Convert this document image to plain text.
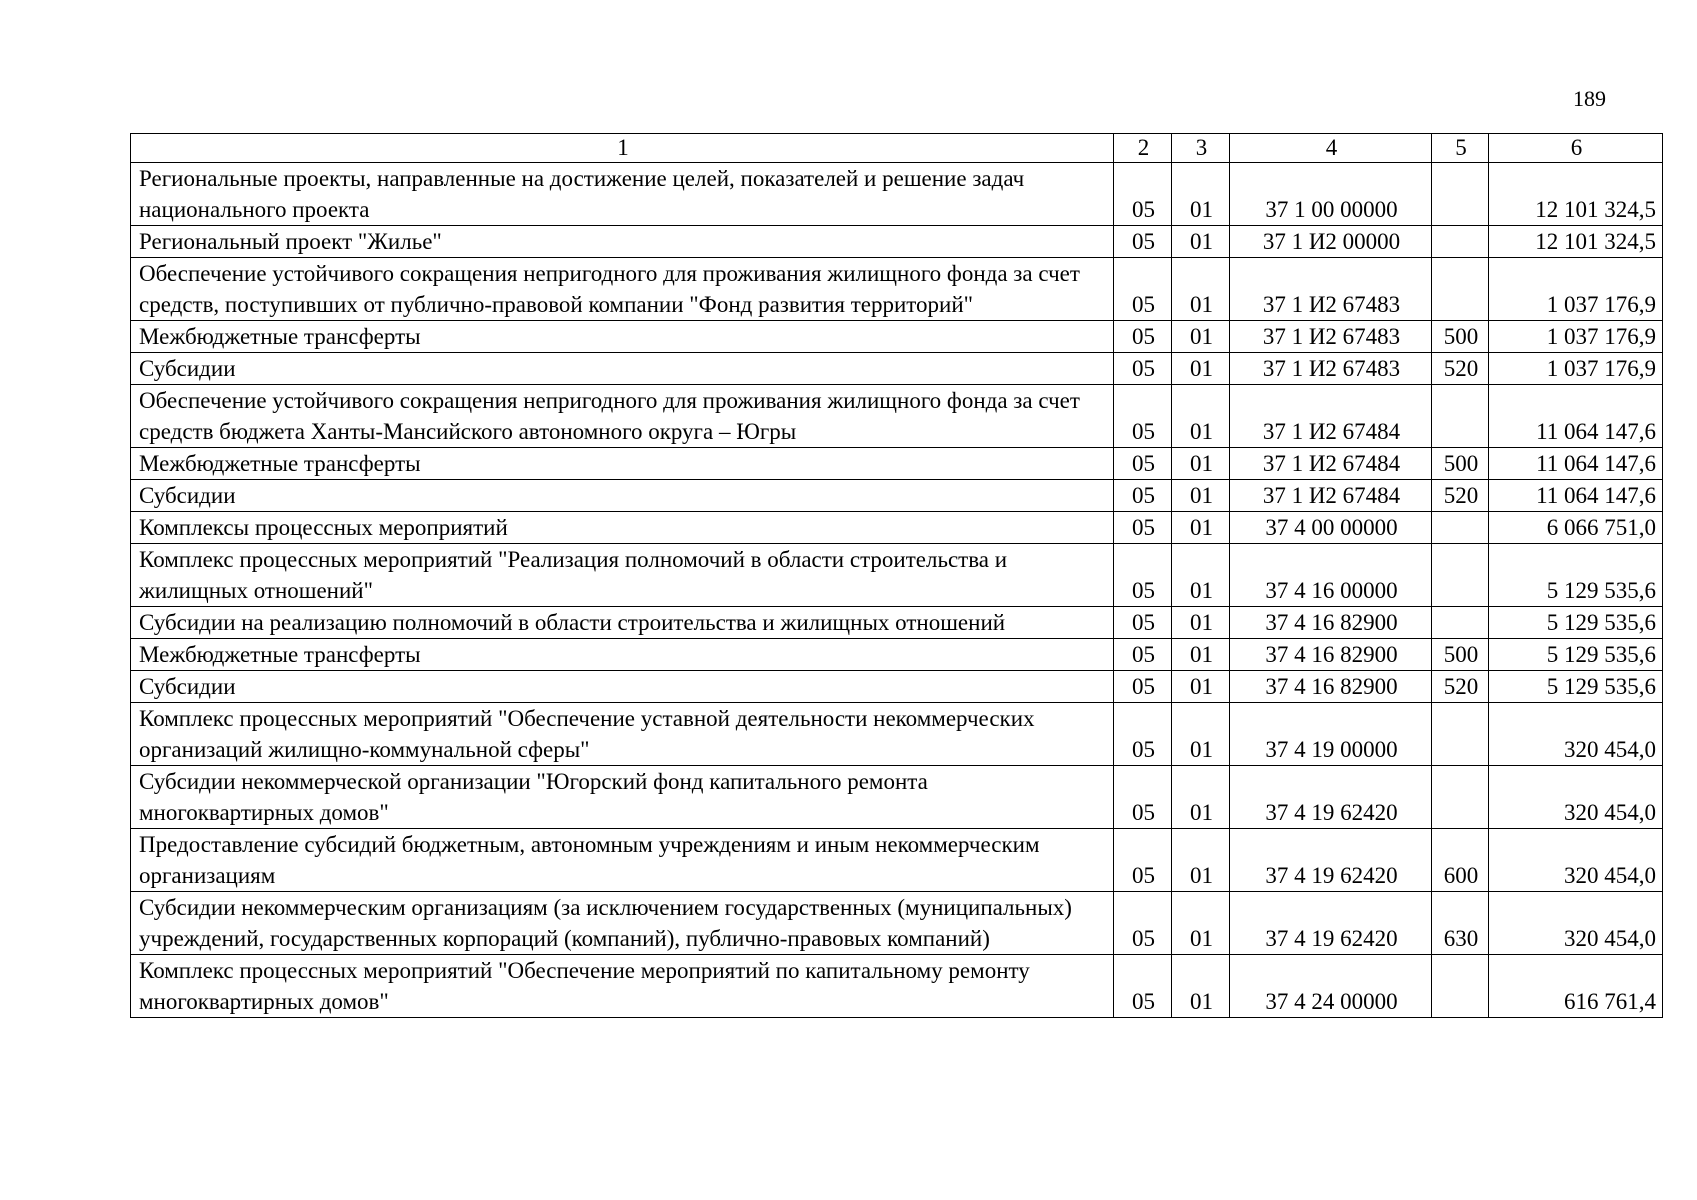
189
1	2	3	4	5	6
Региональные проекты, направленные на достижение целей, показателей и решение задач национального проекта	05	01	37 1 00 00000		12 101 324,5
Региональный проект "Жилье"	05	01	37 1 И2 00000		12 101 324,5
Обеспечение устойчивого сокращения непригодного для проживания жилищного фонда за счет средств, поступивших от публично-правовой компании "Фонд развития территорий"	05	01	37 1 И2 67483		1 037 176,9
Межбюджетные трансферты	05	01	37 1 И2 67483	500	1 037 176,9
Субсидии	05	01	37 1 И2 67483	520	1 037 176,9
Обеспечение устойчивого сокращения непригодного для проживания жилищного фонда за счет средств бюджета Ханты-Мансийского автономного округа – Югры	05	01	37 1 И2 67484		11 064 147,6
Межбюджетные трансферты	05	01	37 1 И2 67484	500	11 064 147,6
Субсидии	05	01	37 1 И2 67484	520	11 064 147,6
Комплексы процессных мероприятий	05	01	37 4 00 00000		6 066 751,0
Комплекс процессных мероприятий "Реализация полномочий в области строительства и жилищных отношений"	05	01	37 4 16 00000		5 129 535,6
Субсидии на реализацию полномочий в области строительства и жилищных отношений	05	01	37 4 16 82900		5 129 535,6
Межбюджетные трансферты	05	01	37 4 16 82900	500	5 129 535,6
Субсидии	05	01	37 4 16 82900	520	5 129 535,6
Комплекс процессных мероприятий "Обеспечение уставной деятельности некоммерческих организаций жилищно-коммунальной сферы"	05	01	37 4 19 00000		320 454,0
Субсидии некоммерческой организации "Югорский фонд капитального ремонта многоквартирных домов"	05	01	37 4 19 62420		320 454,0
Предоставление субсидий бюджетным, автономным учреждениям и иным некоммерческим организациям	05	01	37 4 19 62420	600	320 454,0
Субсидии некоммерческим организациям (за исключением государственных (муниципальных) учреждений, государственных корпораций (компаний), публично-правовых компаний)	05	01	37 4 19 62420	630	320 454,0
Комплекс процессных мероприятий "Обеспечение мероприятий по капитальному ремонту многоквартирных домов"	05	01	37 4 24 00000		616 761,4
